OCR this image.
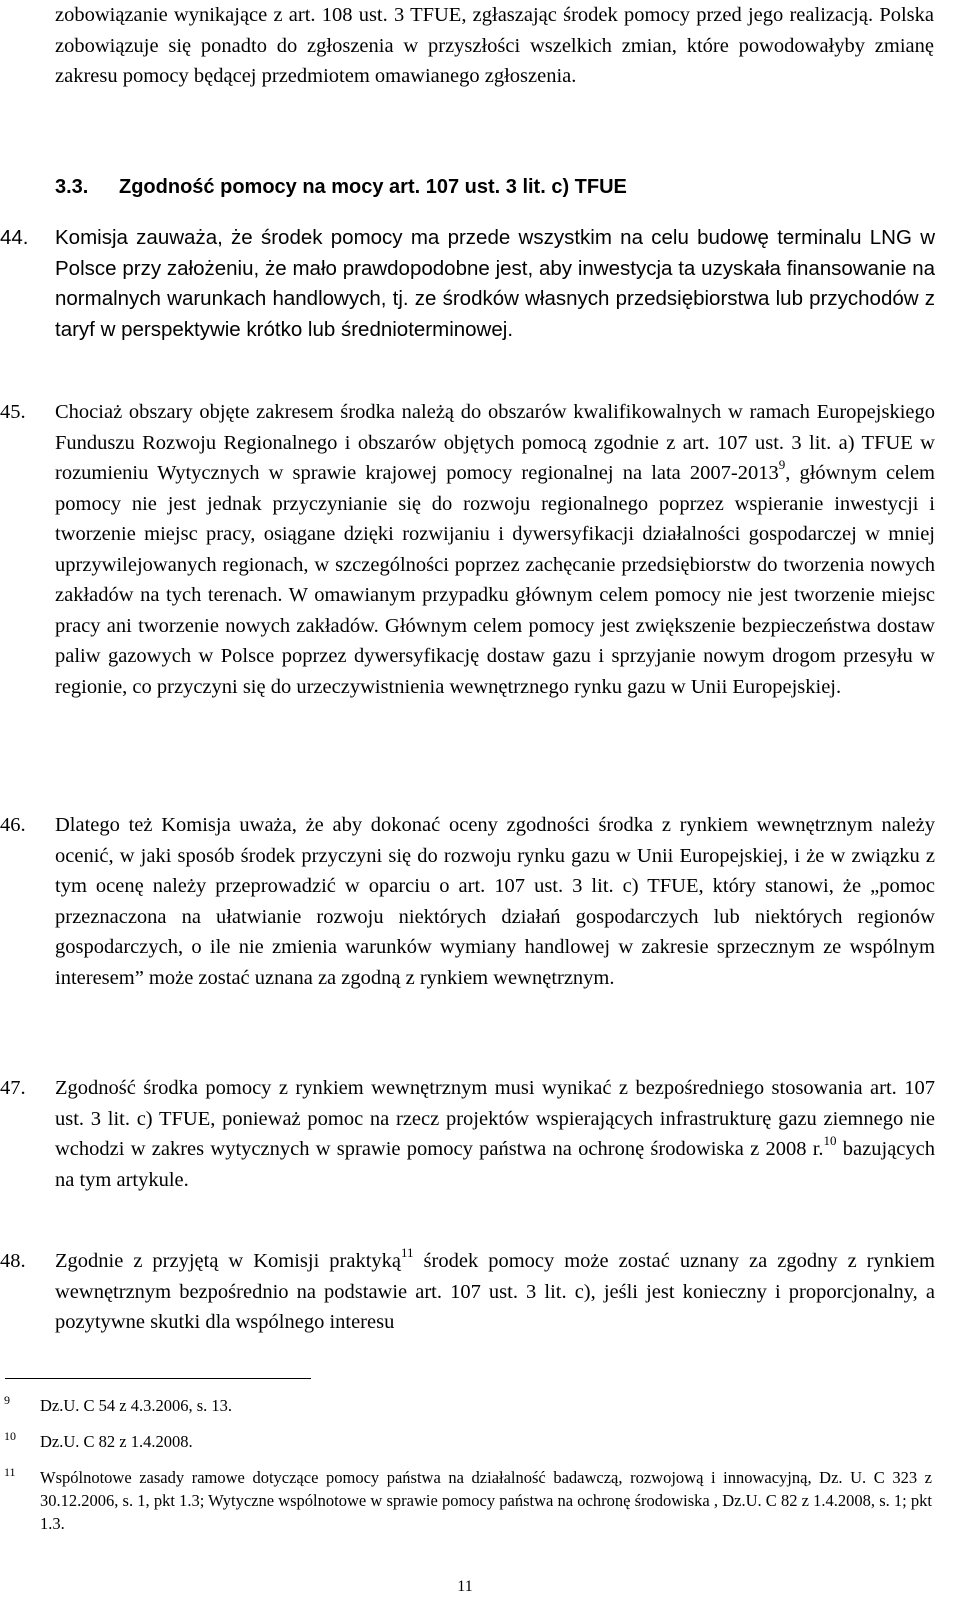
zobowiązanie wynikające z art. 108 ust. 3 TFUE, zgłaszając środek pomocy przed jego realizacją. Polska zobowiązuje się ponadto do zgłoszenia w przyszłości wszelkich zmian, które powodowałyby zmianę zakresu pomocy będącej przedmiotem omawianego zgłoszenia.

3.3. Zgodność pomocy na mocy art. 107 ust. 3 lit. c) TFUE
44.	Komisja zauważa, że środek pomocy ma przede wszystkim na celu budowę terminalu LNG w Polsce przy założeniu, że mało prawdopodobne jest, aby inwestycja ta uzyskała finansowanie na normalnych warunkach handlowych, tj. ze środków własnych przedsiębiorstwa lub przychodów z taryf w perspektywie krótko lub średnioterminowej.
45.	Chociaż obszary objęte zakresem środka należą do obszarów kwalifikowalnych w ramach Europejskiego Funduszu Rozwoju Regionalnego i obszarów objętych pomocą zgodnie z art. 107 ust. 3 lit. a) TFUE w rozumieniu Wytycznych w sprawie krajowej pomocy regionalnej na lata 2007-2013$^9$, głównym celem pomocy nie jest jednak przyczynianie się do rozwoju regionalnego poprzez wspieranie inwestycji i tworzenie miejsc pracy, osiągane dzięki rozwijaniu i dywersyfikacji działalności gospodarczej w mniej uprzywilejowanych regionach, w szczególności poprzez zachęcanie przedsiębiorstw do tworzenia nowych zakładów na tych terenach. W omawianym przypadku głównym celem pomocy nie jest tworzenie miejsc pracy ani tworzenie nowych zakładów. Głównym celem pomocy jest zwiększenie bezpieczeństwa dostaw paliw gazowych w Polsce poprzez dywersyfikację dostaw gazu i sprzyjanie nowym drogom przesyłu w regionie, co przyczyni się do urzeczywistnienia wewnętrznego rynku gazu w Unii Europejskiej.
46.	Dlatego też Komisja uważa, że aby dokonać oceny zgodności środka z rynkiem wewnętrznym należy ocenić, w jaki sposób środek przyczyni się do rozwoju rynku gazu w Unii Europejskiej, i że w związku z tym ocenę należy przeprowadzić w oparciu o art. 107 ust. 3 lit. c) TFUE, który stanowi, że „pomoc przeznaczona na ułatwianie rozwoju niektórych działań gospodarczych lub niektórych regionów gospodarczych, o ile nie zmienia warunków wymiany handlowej w zakresie sprzecznym ze wspólnym interesem” może zostać uznana za zgodną z rynkiem wewnętrznym.
47.	Zgodność środka pomocy z rynkiem wewnętrznym musi wynikać z bezpośredniego stosowania art. 107 ust. 3 lit. c) TFUE, ponieważ pomoc na rzecz projektów wspierających infrastrukturę gazu ziemnego nie wchodzi w zakres wytycznych w sprawie pomocy państwa na ochronę środowiska z 2008 r.$^{10}$ bazujących na tym artykule.
48.	Zgodnie z przyjętą w Komisji praktyką$^{11}$ środek pomocy może zostać uznany za zgodny z rynkiem wewnętrznym bezpośrednio na podstawie art. 107 ust. 3 lit. c), jeśli jest konieczny i proporcjonalny, a pozytywne skutki dla wspólnego interesu
9 Dz.U. C 54 z 4.3.2006, s. 13.
10 Dz.U. C 82 z 1.4.2008.
11 Wspólnotowe zasady ramowe dotyczące pomocy państwa na działalność badawczą, rozwojową i innowacyjną, Dz. U. C 323 z 30.12.2006, s. 1, pkt 1.3; Wytyczne wspólnotowe w sprawie pomocy państwa na ochronę środowiska , Dz.U. C 82 z 1.4.2008, s. 1; pkt 1.3.
11
